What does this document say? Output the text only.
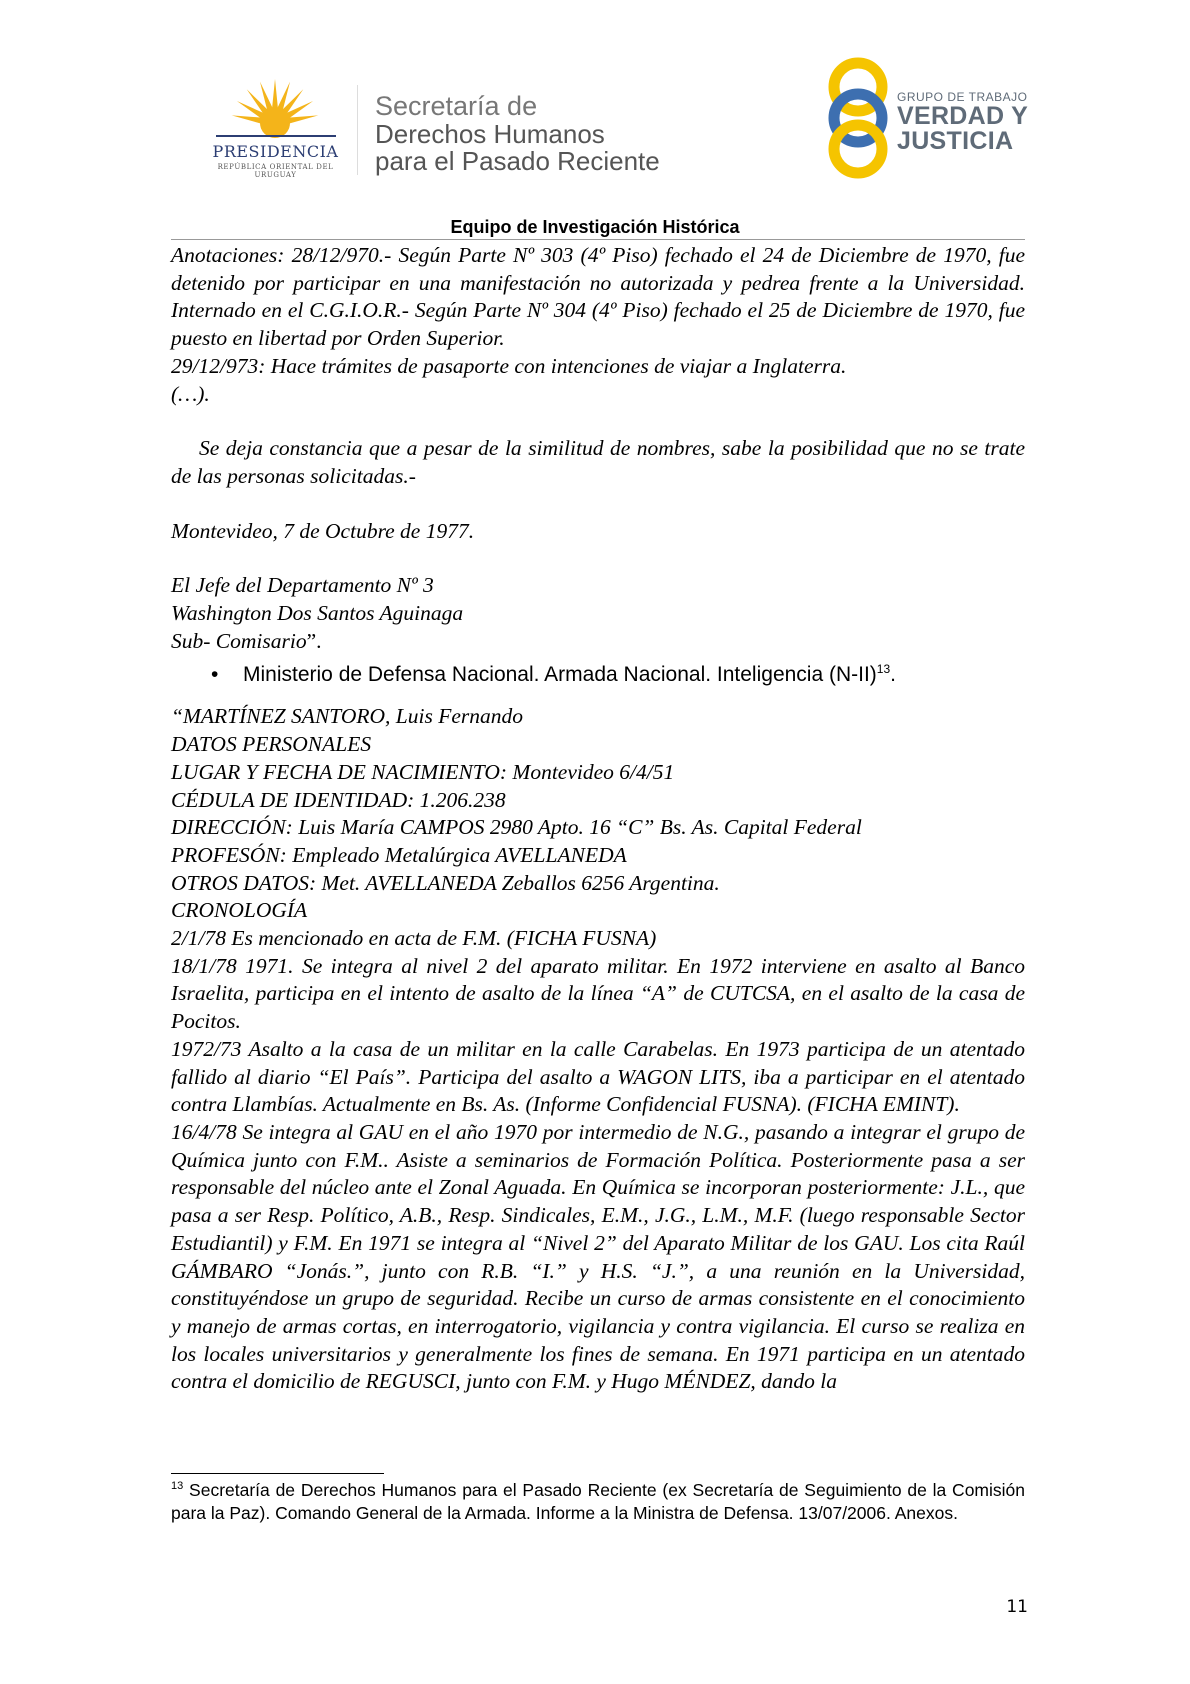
PRESIDENCIA
REPÚBLICA ORIENTAL DEL URUGUAY
Secretaría de
Derechos Humanos
para el Pasado Reciente
GRUPO DE TRABAJO
VERDAD Y
JUSTICIA
Equipo de Investigación Histórica

Anotaciones: 28/12/970.- Según Parte Nº 303 (4º Piso) fechado el 24 de Diciembre de 1970, fue detenido por participar en una manifestación no autorizada y pedrea frente a la Universidad. Internado en el C.G.I.O.R.- Según Parte Nº 304 (4º Piso) fechado el 25 de Diciembre de 1970, fue puesto en libertad por Orden Superior.

29/12/973: Hace trámites de pasaporte con intenciones de viajar a Inglaterra.

(…).

Se deja constancia que a pesar de la similitud de nombres, sabe la posibilidad que no se trate de las personas solicitadas.-

Montevideo, 7 de Octubre de 1977.

El Jefe del Departamento Nº 3

Washington Dos Santos Aguinaga

Sub- Comisario”.

• Ministerio de Defensa Nacional. Armada Nacional. Inteligencia $(N-II)^{13}$.

“MARTÍNEZ SANTORO, Luis Fernando

DATOS PERSONALES

LUGAR Y FECHA DE NACIMIENTO: Montevideo 6/4/51

CÉDULA DE IDENTIDAD: 1.206.238

DIRECCIÓN: Luis María CAMPOS 2980 Apto. 16 “C” Bs. As. Capital Federal

PROFESÓN: Empleado Metalúrgica AVELLANEDA

OTROS DATOS: Met. AVELLANEDA Zeballos 6256 Argentina.

CRONOLOGÍA

2/1/78 Es mencionado en acta de F.M. (FICHA FUSNA)

18/1/78 1971. Se integra al nivel 2 del aparato militar. En 1972 interviene en asalto al Banco Israelita, participa en el intento de asalto de la línea “A” de CUTCSA, en el asalto de la casa de Pocitos.

1972/73 Asalto a la casa de un militar en la calle Carabelas. En 1973 participa de un atentado fallido al diario “El País”. Participa del asalto a WAGON LITS, iba a participar en el atentado contra Llambías. Actualmente en Bs. As. (Informe Confidencial FUSNA). (FICHA EMINT).

16/4/78 Se integra al GAU en el año 1970 por intermedio de N.G., pasando a integrar el grupo de Química junto con F.M.. Asiste a seminarios de Formación Política. Posteriormente pasa a ser responsable del núcleo ante el Zonal Aguada. En Química se incorporan posteriormente: J.L., que pasa a ser Resp. Político, A.B., Resp. Sindicales, E.M., J.G., L.M., M.F. (luego responsable Sector Estudiantil) y F.M. En 1971 se integra al “Nivel 2” del Aparato Militar de los GAU. Los cita Raúl GÁMBARO “Jonás.”, junto con R.B. “I.” y H.S. “J.”, a una reunión en la Universidad, constituyéndose un grupo de seguridad. Recibe un curso de armas consistente en el conocimiento y manejo de armas cortas, en interrogatorio, vigilancia y contra vigilancia. El curso se realiza en los locales universitarios y generalmente los fines de semana. En 1971 participa en un atentado contra el domicilio de REGUSCI, junto con F.M. y Hugo MÉNDEZ, dando la

$^{13}$ Secretaría de Derechos Humanos para el Pasado Reciente (ex Secretaría de Seguimiento de la Comisión para la Paz). Comando General de la Armada. Informe a la Ministra de Defensa. 13/07/2006. Anexos.
11
